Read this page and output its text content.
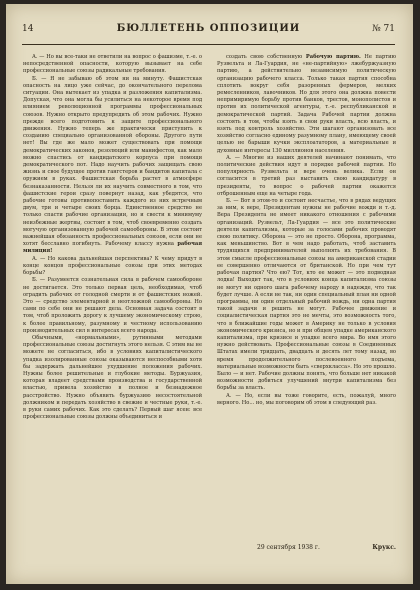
14	БЮЛЛЕТЕНЬ ОППОЗИЦИИ	№ 71

А. — Но вы все-таки не ответили на вопрос о фашизме, т.-е. о непосредственной опасности, которую вызывает на себе профессиональные союзы радикальные требования.

Б. — Я не забываю об этом ни на минуту. Фашистская опасность на лицо уже сейчас, до окончательного перелома ситуации. Она вытекает из упадка и разложения капитализма. Допуская, что она могла бы усилиться на некоторое время под влиянием революционной программы профессиональных союзов. Нужно открыто предупредить об этом рабочих. Нужно прежде всего подготовить к защите профессионального движения. Нужно теперь же практически приступить к созданию специально организованной обороны. Другого пути нет! Вы где же мало может существовать при помощи демократических законов, резолюций или манифестов, как мало можно спастись от кандидатского корпуса при помощи демократического пот. Надо научить рабочих защищать свою жизнь и свое будущее против гангстеров и бандитов капитала с оружием в руках. Фашистская борьба растет в атмосфере безнаказанности. Нельзя ли их научить совместного в том, что фашистские герои сразу повернут назад, как убедятся, что рабочие готовы противопоставить каждого из них встречным двум, три и четыре своих борца. Единственное средство не только спасти рабочие организации, но и свести к минимуму неизбежные жертвы, состоит в том, чтоб своевременно создать могучую организованную рабочей самообороны. В этом состоит важнейшая обязанность профессиональных союзов, если они не хотят бесславно погибнуть. Рабочему классу нужна рабочая милиция!

А. — Но какова дальнейшая перспектива? К чему придут в конце концов профессиональные союзы при этих методах борьбы?

Б. — Разумеется сознательная сила в рабочем самообороне не достигается. Это только первая цель, необходимая, чтоб оградить рабочих от голодной смерти и от фашистских ножей. Это — средство элементарной и неотложной самообороны. Но сами по себе они не решают дела. Основная задача состоит в том, чтоб проложить дорогу к лучшему экономическому строю, к более правильному, разумному и честному использованию производительных сил в интересах всего народа.

Обычными, «нормальными», рутинными методами профессиональные союзы достигнуть этого нельзя. С этим вы не можете не согласиться, ибо в условиях капиталистического упадка изолированные союзы оказываются неспособными хотя бы задержать дальнейшее ухудшение положения рабочих. Нужны более решительные и глубокие методы. Буржуазия, которая владеет средствами производства и государственной властью, привела хозяйство в полное и безнадежное расстройство. Нужно объявить буржуазию несостоятельной должником и передать хозяйство в свежие и честные руки, т.-е. в руки самих рабочих. Как это сделать? Первый шаг ясен: все профессиональные союзы должны объединиться и

создать свою собственную Рабочую партию. Не партию Рузвельта и Ла-Гуардия, не «не-партийную» лжебуржуазную партию, а действительно независимую политическую организацию рабочего класса. Только такая партия способна сплотить вокруг себя разоренных фермеров, мелких ремесленников, лавочников. Но для этого она должна повести непримиримую борьбу против банков, трестов, монополистов и против их политической агентуры, т.-е. республиканской и демократической партий. Задача Рабочей партии должна состоять в том, чтобы взять в свои руки власть, всю власть, и взять под контроль хозяйство. Эти шагают организовать все хозяйство согласно единому разумному плану, имеющему своей целью не барыши кучки эксплоататоров, а материальные и духовные интересы 130 миллионов населения.

А. — Многие из наших деятелей начинают понимать, что политические действия идут в порядке рабочей партии. Но популярность Рузвельта и вере очень велика. Если он согласится в третий раз выставить свою кандидатуру в президенты, то вопрос о рабочей партии окажется отброшенным еще на четыре года.

Б. — Вот в этом-то и состоит несчастье, что в рядах ведущих за ним, к вере, Президентам нужны не рабочие вожди и т.-д. Вера Президента не имеет никакого отношения с рабочими организаций. Рузвельт, Ла-Гуардия — все это политические деятели капитализма, которые за голосами рабочих проводят свою политику. Оборона — это не просто. Оборона, программа, как меньшинство. Вот в чем надо работать, чтоб заставить трудящихся предпринимателей выполнять их требования. В этом смысле профессиональные союзы на американской стадии ее совершенно отличаются от британской. Но при чем тут рабочая партия? Что ею? Тот, кто ее может — это подводная лодка! Выходит так, что в условиях конца капитализма союзы не могут ни одного шага рабочему народу в надежде, что так будет лучше. А если не так, ни один специальный план ни одной программы, ни один отдельный рабочий вождь, ни одна партия такой задачи и решить не могут. Рабочее движение и социалистическая партия это не мечты, это возможность того, что в ближайшие годы может в Америку не только в условия экономического кризиса, но и при общем упадке американского капитализма, при кризисе и упадке всего мира. Во имя этого нужно действовать. Профессиональные союзы в Соединенных Штатах имели тридцать, двадцать и десять лет тому назад, во время продолжительного послевоенного подъема, материальные возможности быть «сверхкласса». Но это прошло. Было — и нет. Рабочие должны понять, что больше нет никакой возможности добиться улучшений внутри капитализма без борьбы за власть.

А. — Но, если вы тоже говорите, есть, пожалуй, много верного. Но... но, мы поговорим об этом в следующий раз.

29 сентября 1938 г.	Крукс.
